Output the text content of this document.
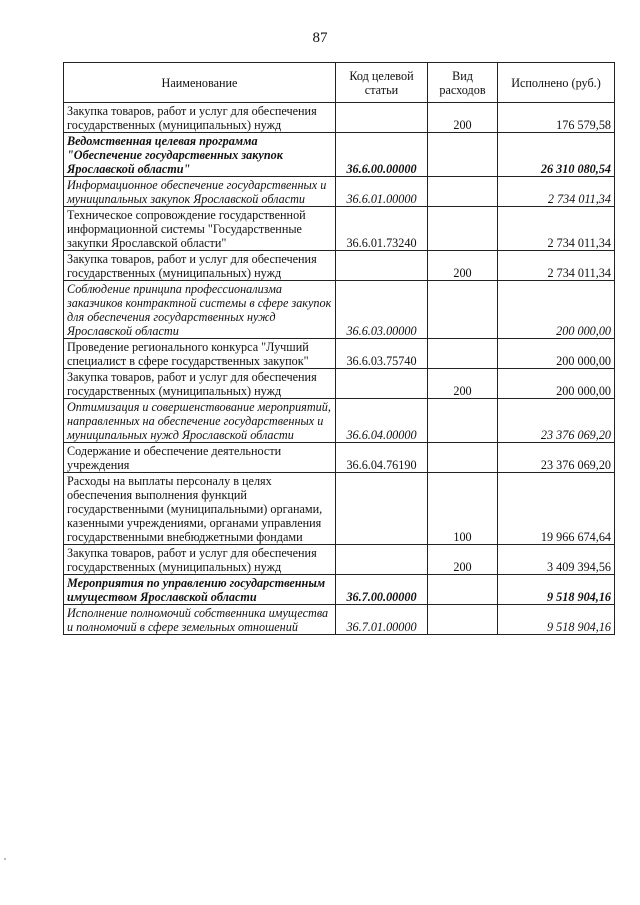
87
Наименование	Код целевой статьи	Вид расходов	Исполнено (руб.)
Закупка товаров, работ и услуг для обеспечения государственных (муниципальных) нужд		200	176 579,58
Ведомственная целевая программа "Обеспечение государственных закупок Ярославской области"	36.6.00.00000		26 310 080,54
Информационное обеспечение государственных и муниципальных закупок Ярославской области	36.6.01.00000		2 734 011,34
Техническое сопровождение государственной информационной системы "Государственные закупки Ярославской области"	36.6.01.73240		2 734 011,34
Закупка товаров, работ и услуг для обеспечения государственных (муниципальных) нужд		200	2 734 011,34
Соблюдение принципа профессионализма заказчиков контрактной системы в сфере закупок для обеспечения государственных нужд Ярославской области	36.6.03.00000		200 000,00
Проведение регионального конкурса "Лучший специалист в сфере государственных закупок"	36.6.03.75740		200 000,00
Закупка товаров, работ и услуг для обеспечения государственных (муниципальных) нужд		200	200 000,00
Оптимизация и совершенствование мероприятий, направленных на обеспечение государственных и муниципальных нужд Ярославской области	36.6.04.00000		23 376 069,20
Содержание и обеспечение деятельности учреждения	36.6.04.76190		23 376 069,20
Расходы на выплаты персоналу в целях обеспечения выполнения функций государственными (муниципальными) органами, казенными учреждениями, органами управления государственными внебюджетными фондами		100	19 966 674,64
Закупка товаров, работ и услуг для обеспечения государственных (муниципальных) нужд		200	3 409 394,56
Мероприятия по управлению государственным имуществом Ярославской области	36.7.00.00000		9 518 904,16
Исполнение полномочий собственника имущества и полномочий в сфере земельных отношений	36.7.01.00000		9 518 904,16
